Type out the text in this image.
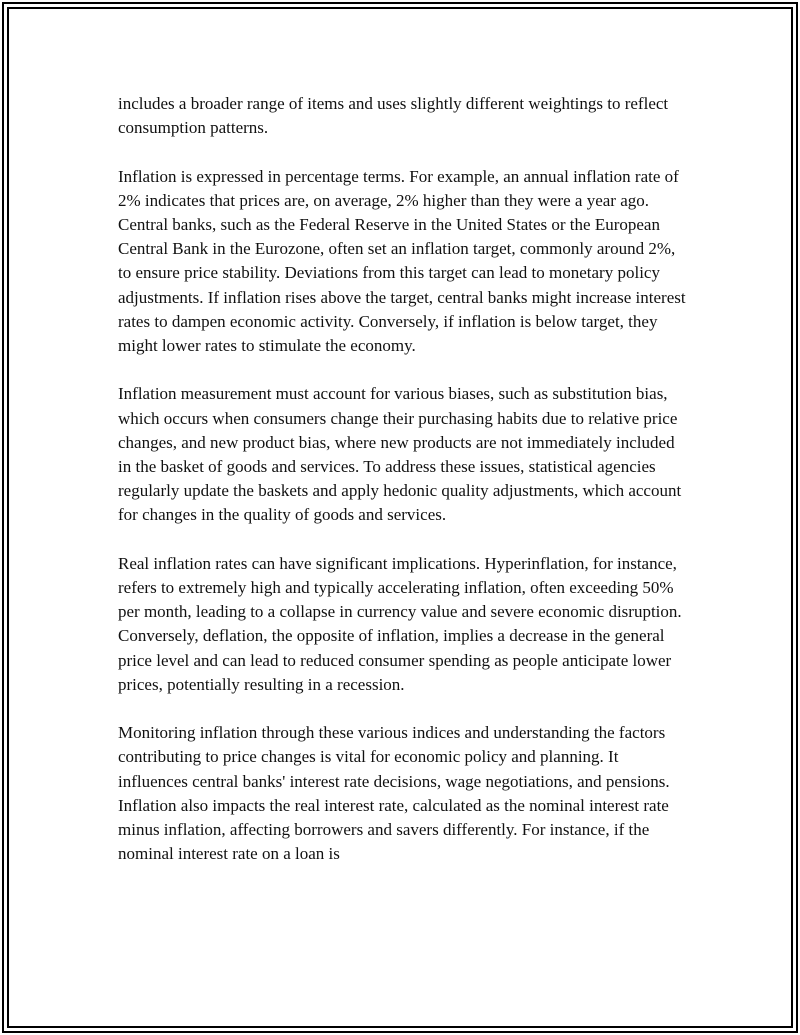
includes a broader range of items and uses slightly different weightings to reflect consumption patterns.

Inflation is expressed in percentage terms. For example, an annual inflation rate of 2% indicates that prices are, on average, 2% higher than they were a year ago. Central banks, such as the Federal Reserve in the United States or the European Central Bank in the Eurozone, often set an inflation target, commonly around 2%, to ensure price stability. Deviations from this target can lead to monetary policy adjustments. If inflation rises above the target, central banks might increase interest rates to dampen economic activity. Conversely, if inflation is below target, they might lower rates to stimulate the economy.

Inflation measurement must account for various biases, such as substitution bias, which occurs when consumers change their purchasing habits due to relative price changes, and new product bias, where new products are not immediately included in the basket of goods and services. To address these issues, statistical agencies regularly update the baskets and apply hedonic quality adjustments, which account for changes in the quality of goods and services.

Real inflation rates can have significant implications. Hyperinflation, for instance, refers to extremely high and typically accelerating inflation, often exceeding 50% per month, leading to a collapse in currency value and severe economic disruption. Conversely, deflation, the opposite of inflation, implies a decrease in the general price level and can lead to reduced consumer spending as people anticipate lower prices, potentially resulting in a recession.

Monitoring inflation through these various indices and understanding the factors contributing to price changes is vital for economic policy and planning. It influences central banks' interest rate decisions, wage negotiations, and pensions. Inflation also impacts the real interest rate, calculated as the nominal interest rate minus inflation, affecting borrowers and savers differently. For instance, if the nominal interest rate on a loan is
